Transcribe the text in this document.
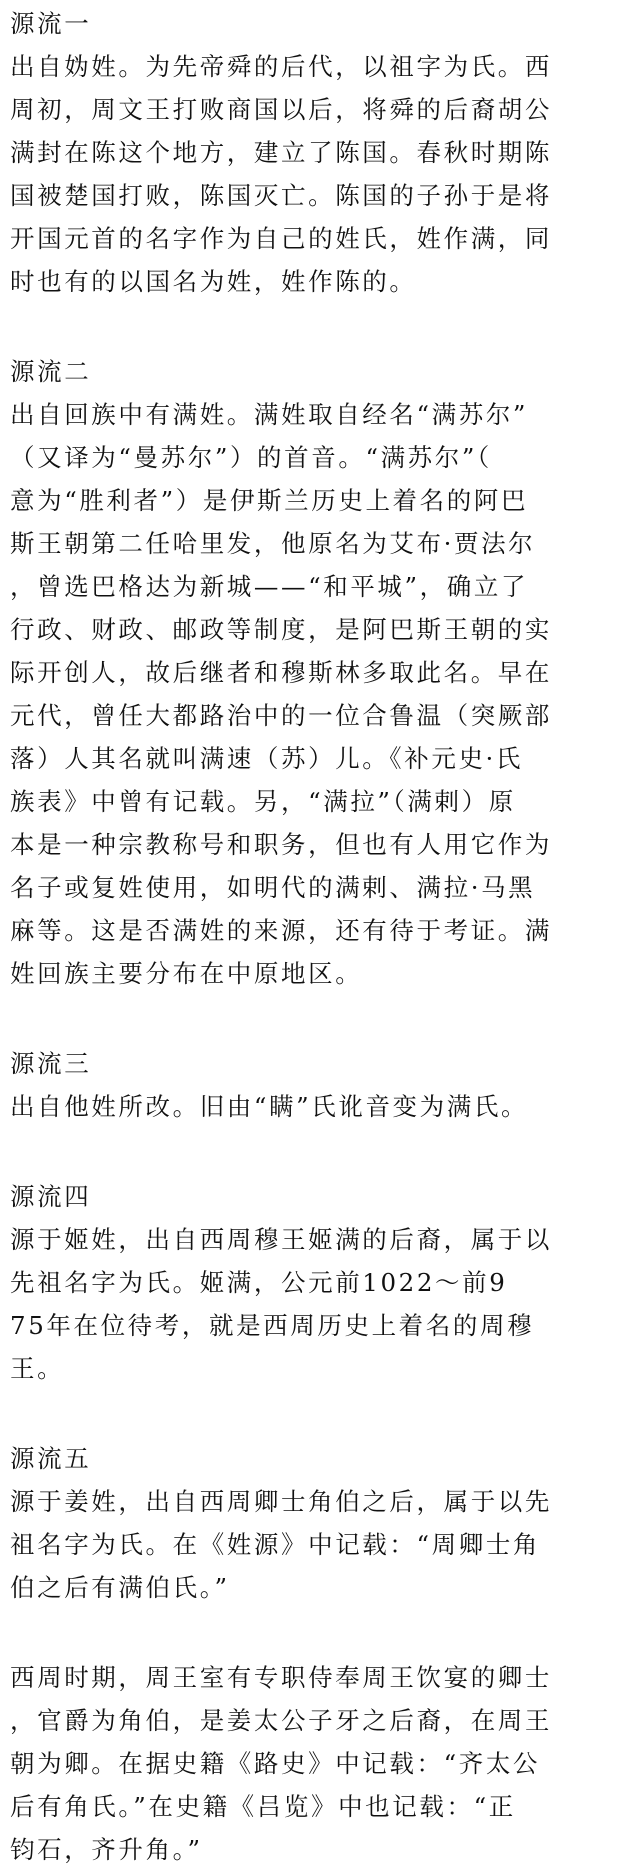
源流一
出自妫姓。为先帝舜的后代，以祖字为氏。西
周初，周文王打败商国以后，将舜的后裔胡公
满封在陈这个地方，建立了陈国。春秋时期陈
国被楚国打败，陈国灭亡。陈国的子孙于是将
开国元首的名字作为自己的姓氏，姓作满，同
时也有的以国名为姓，姓作陈的。
源流二
出自回族中有满姓。满姓取自经名“满苏尔”
（又译为“曼苏尔”）的首音。“满苏尔”（
意为“胜利者”）是伊斯兰历史上着名的阿巴
斯王朝第二任哈里发，他原名为艾布·贾法尔
，曾选巴格达为新城——“和平城”，确立了
行政、财政、邮政等制度，是阿巴斯王朝的实
际开创人，故后继者和穆斯林多取此名。早在
元代，曾任大都路治中的一位合鲁温（突厥部
落）人其名就叫满速（苏）儿。《补元史·氏
族表》中曾有记载。另，“满拉”（满剌）原
本是一种宗教称号和职务，但也有人用它作为
名子或复姓使用，如明代的满剌、满拉·马黑
麻等。这是否满姓的来源，还有待于考证。满
姓回族主要分布在中原地区。
源流三
出自他姓所改。旧由“瞒”氏讹音变为满氏。
源流四
源于姬姓，出自西周穆王姬满的后裔，属于以
先祖名字为氏。姬满，公元前1022～前9
75年在位待考，就是西周历史上着名的周穆
王。
源流五
源于姜姓，出自西周卿士角伯之后，属于以先
祖名字为氏。在《姓源》中记载：“周卿士角
伯之后有满伯氏。”
西周时期，周王室有专职侍奉周王饮宴的卿士
，官爵为角伯，是姜太公子牙之后裔，在周王
朝为卿。在据史籍《路史》中记载：“齐太公
后有角氏。”在史籍《吕览》中也记载：“正
钧石，齐升角。”
